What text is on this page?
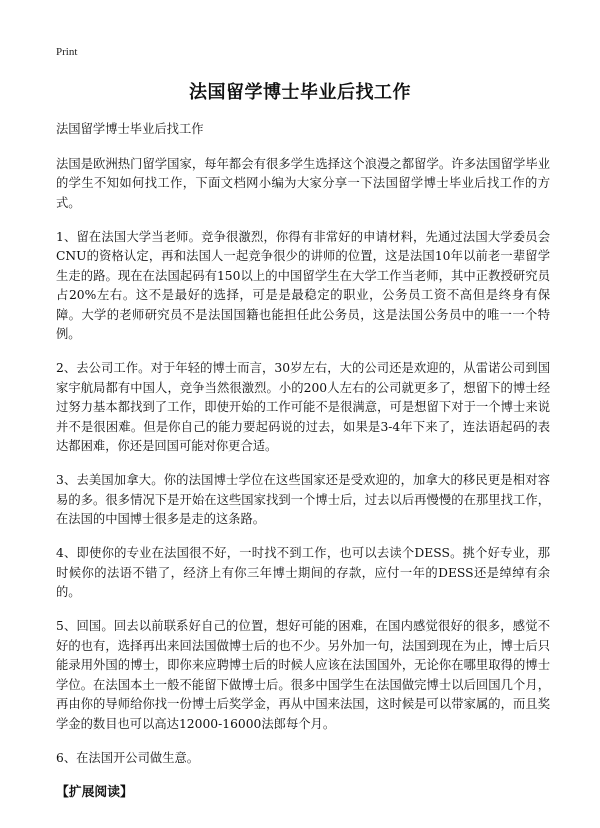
Print
法国留学博士毕业后找工作

法国留学博士毕业后找工作

法国是欧洲热门留学国家，每年都会有很多学生选择这个浪漫之都留学。许多法国留学毕业的学生不知如何找工作，下面文档网小编为大家分享一下法国留学博士毕业后找工作的方式。

1、留在法国大学当老师。竞争很激烈，你得有非常好的申请材料，先通过法国大学委员会CNU的资格认定，再和法国人一起竞争很少的讲师的位置，这是法国10年以前老一辈留学生走的路。现在在法国起码有150以上的中国留学生在大学工作当老师，其中正教授研究员占20%左右。这不是最好的选择，可是是最稳定的职业，公务员工资不高但是终身有保障。大学的老师研究员不是法国国籍也能担任此公务员，这是法国公务员中的唯一一个特例。

2、去公司工作。对于年轻的博士而言，30岁左右，大的公司还是欢迎的，从雷诺公司到国家宇航局都有中国人，竞争当然很激烈。小的200人左右的公司就更多了，想留下的博士经过努力基本都找到了工作，即使开始的工作可能不是很满意，可是想留下对于一个博士来说并不是很困难。但是你自己的能力要起码说的过去，如果是3-4年下来了，连法语起码的表达都困难，你还是回国可能对你更合适。

3、去美国加拿大。你的法国博士学位在这些国家还是受欢迎的，加拿大的移民更是相对容易的多。很多情况下是开始在这些国家找到一个博士后，过去以后再慢慢的在那里找工作，在法国的中国博士很多是走的这条路。

4、即使你的专业在法国很不好，一时找不到工作，也可以去读个DESS。挑个好专业，那时候你的法语不错了，经济上有你三年博士期间的存款，应付一年的DESS还是绰绰有余的。

5、回国。回去以前联系好自己的位置，想好可能的困难，在国内感觉很好的很多，感觉不好的也有，选择再出来回法国做博士后的也不少。另外加一句，法国到现在为止，博士后只能录用外国的博士，即你来应聘博士后的时候人应该在法国国外，无论你在哪里取得的博士学位。在法国本土一般不能留下做博士后。很多中国学生在法国做完博士以后回国几个月，再由你的导师给你找一份博士后奖学金，再从中国来法国，这时候是可以带家属的，而且奖学金的数目也可以高达12000-16000法郎每个月。

6、在法国开公司做生意。

【扩展阅读】
